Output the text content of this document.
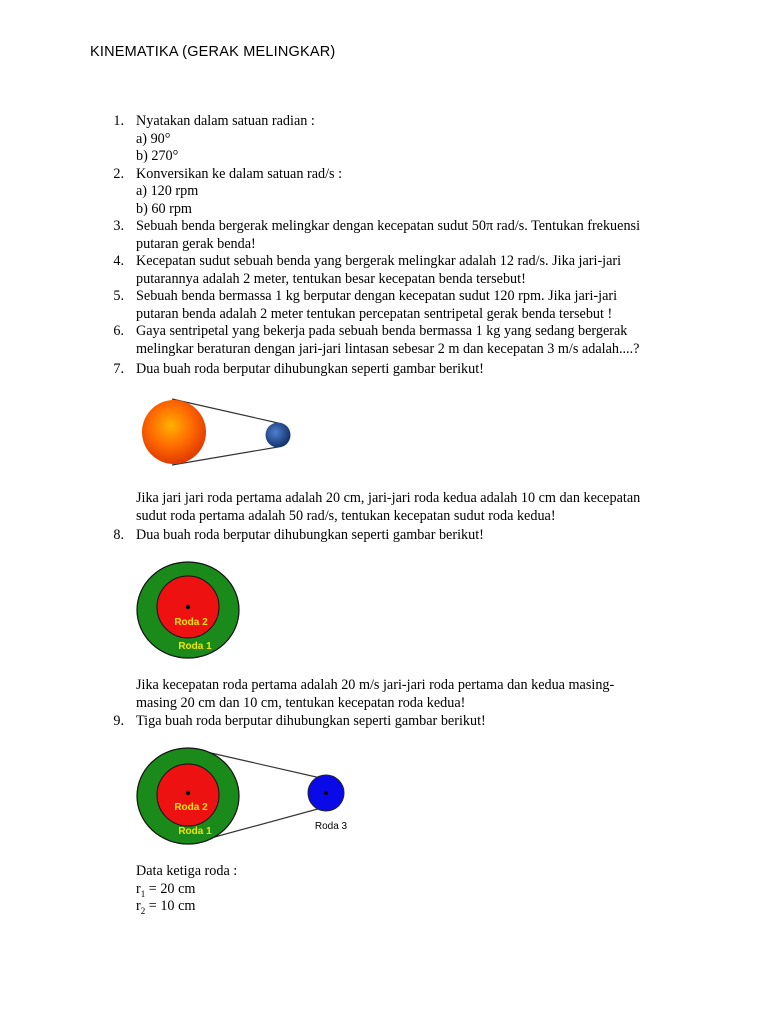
KINEMATIKA (GERAK MELINGKAR)
1. Nyatakan dalam satuan radian :
a) 90°
b) 270°
2. Konversikan ke dalam satuan rad/s :
a) 120 rpm
b) 60 rpm
3. Sebuah benda bergerak melingkar dengan kecepatan sudut 50π rad/s. Tentukan frekuensi
putaran gerak benda!
4. Kecepatan sudut sebuah benda yang bergerak melingkar adalah 12 rad/s. Jika jari-jari
putarannya adalah 2 meter, tentukan besar kecepatan benda tersebut!
5. Sebuah benda bermassa 1 kg berputar dengan kecepatan sudut 120 rpm. Jika jari-jari
putaran benda adalah 2 meter tentukan percepatan sentripetal gerak benda tersebut !
6. Gaya sentripetal yang bekerja pada sebuah benda bermassa 1 kg yang sedang bergerak
melingkar beraturan dengan jari-jari lintasan sebesar 2 m dan kecepatan 3 m/s adalah....?
7. Dua buah roda berputar dihubungkan seperti gambar berikut!
Jika jari jari roda pertama adalah 20 cm, jari-jari roda kedua adalah 10 cm dan kecepatan
sudut roda pertama adalah 50 rad/s, tentukan kecepatan sudut roda kedua!
8. Dua buah roda berputar dihubungkan seperti gambar berikut!
Roda 2
Roda 1
Jika kecepatan roda pertama adalah 20 m/s jari-jari roda pertama dan kedua masing-
masing 20 cm dan 10 cm, tentukan kecepatan roda kedua!
9. Tiga buah roda berputar dihubungkan seperti gambar berikut!
Roda 2
Roda 1	Roda 3
Data ketiga roda :
$r_1 = 20$ cm
$r_2 = 10$ cm
